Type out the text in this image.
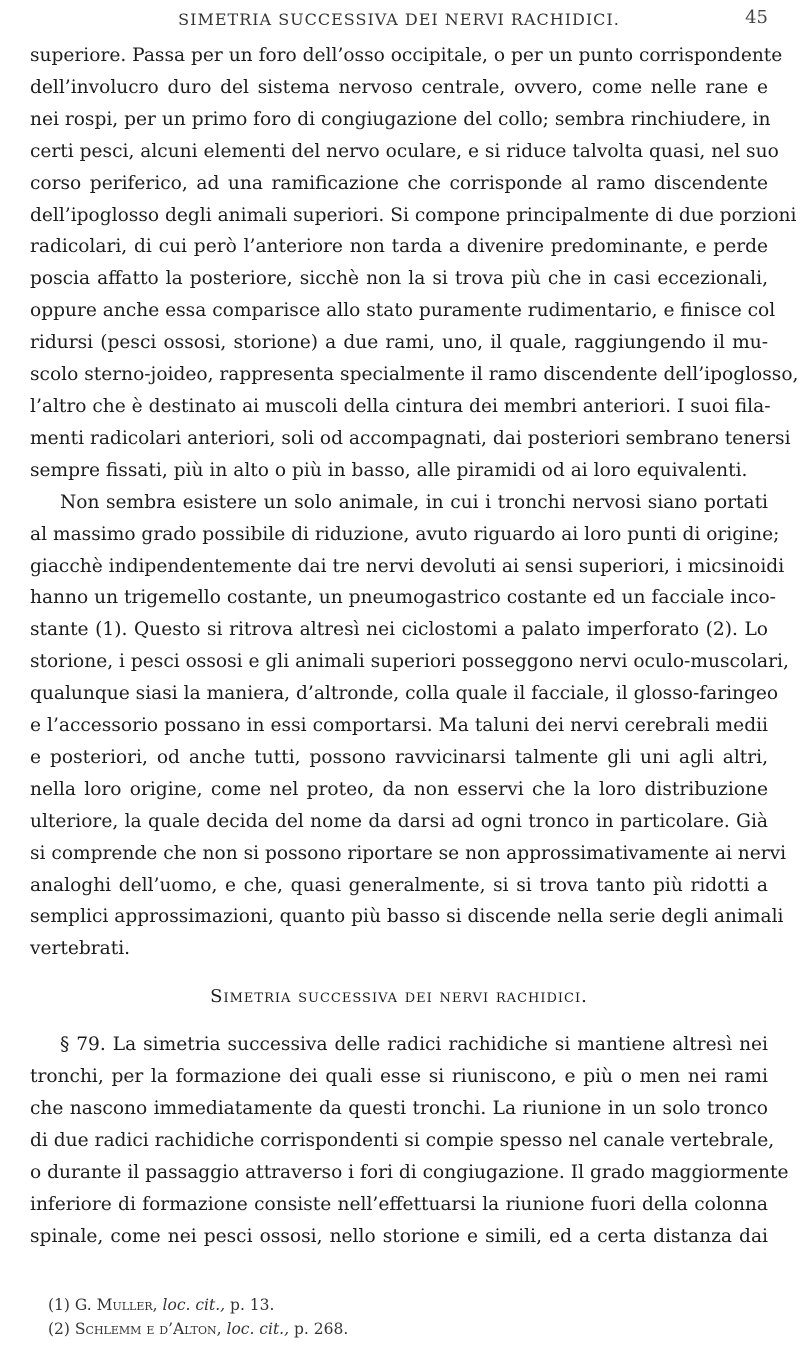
SIMETRIA SUCCESSIVA DEI NERVI RACHIDICI.	45
superiore. Passa per un foro dell’osso occipitale, o per un punto corrispondente
dell’involucro duro del sistema nervoso centrale, ovvero, come nelle rane e
nei rospi, per un primo foro di congiugazione del collo; sembra rinchiudere, in
certi pesci, alcuni elementi del nervo oculare, e si riduce talvolta quasi, nel suo
corso periferico, ad una ramificazione che corrisponde al ramo discendente
dell’ipoglosso degli animali superiori. Si compone principalmente di due porzioni
radicolari, di cui però l’anteriore non tarda a divenire predominante, e perde
poscia affatto la posteriore, sicchè non la si trova più che in casi eccezionali,
oppure anche essa comparisce allo stato puramente rudimentario, e finisce col
ridursi (pesci ossosi, storione) a due rami, uno, il quale, raggiungendo il mu-
scolo sterno-joideo, rappresenta specialmente il ramo discendente dell’ipoglosso,
l’altro che è destinato ai muscoli della cintura dei membri anteriori. I suoi fila-
menti radicolari anteriori, soli od accompagnati, dai posteriori sembrano tenersi
sempre fissati, più in alto o più in basso, alle piramidi od ai loro equivalenti.
Non sembra esistere un solo animale, in cui i tronchi nervosi siano portati
al massimo grado possibile di riduzione, avuto riguardo ai loro punti di origine;
giacchè indipendentemente dai tre nervi devoluti ai sensi superiori, i micsinoidi
hanno un trigemello costante, un pneumogastrico costante ed un facciale inco-
stante (1). Questo si ritrova altresì nei ciclostomi a palato imperforato (2). Lo
storione, i pesci ossosi e gli animali superiori posseggono nervi oculo-muscolari,
qualunque siasi la maniera, d’altronde, colla quale il facciale, il glosso-faringeo
e l’accessorio possano in essi comportarsi. Ma taluni dei nervi cerebrali medii
e posteriori, od anche tutti, possono ravvicinarsi talmente gli uni agli altri,
nella loro origine, come nel proteo, da non esservi che la loro distribuzione
ulteriore, la quale decida del nome da darsi ad ogni tronco in particolare. Già
si comprende che non si possono riportare se non approssimativamente ai nervi
analoghi dell’uomo, e che, quasi generalmente, si si trova tanto più ridotti a
semplici approssimazioni, quanto più basso si discende nella serie degli animali
vertebrati.
Simetria successiva dei nervi rachidici.
§ 79. La simetria successiva delle radici rachidiche si mantiene altresì nei
tronchi, per la formazione dei quali esse si riuniscono, e più o men nei rami
che nascono immediatamente da questi tronchi. La riunione in un solo tronco
di due radici rachidiche corrispondenti si compie spesso nel canale vertebrale,
o durante il passaggio attraverso i fori di congiugazione. Il grado maggiormente
inferiore di formazione consiste nell’effettuarsi la riunione fuori della colonna
spinale, come nei pesci ossosi, nello storione e simili, ed a certa distanza dai
(1) G. Muller, loc. cit., p. 13.
(2) Schlemm e d’Alton, loc. cit., p. 268.
